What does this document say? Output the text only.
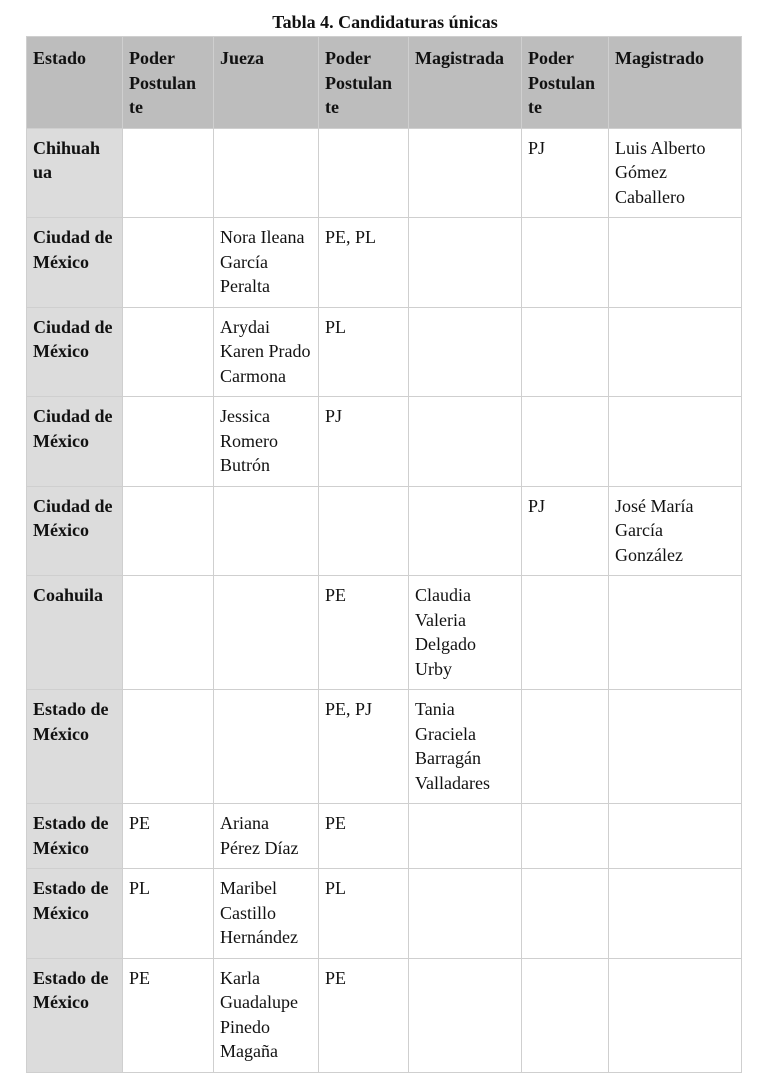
Tabla 4. Candidaturas únicas
Estado	Poder Postulan te	Jueza	Poder Postulan te	Magistrada	Poder Postulan te	Magistrado
Chihuah ua					PJ	Luis Alberto Gómez Caballero
Ciudad de México		Nora Ileana García Peralta	PE, PL			
Ciudad de México		Arydai Karen Prado Carmona	PL			
Ciudad de México		Jessica Romero Butrón	PJ			
Ciudad de México					PJ	José María García González
Coahuila			PE	Claudia Valeria Delgado Urby		
Estado de México			PE, PJ	Tania Graciela Barragán Valladares		
Estado de México	PE	Ariana Pérez Díaz	PE			
Estado de México	PL	Maribel Castillo Hernández	PL			
Estado de México	PE	Karla Guadalupe Pinedo Magaña	PE			
